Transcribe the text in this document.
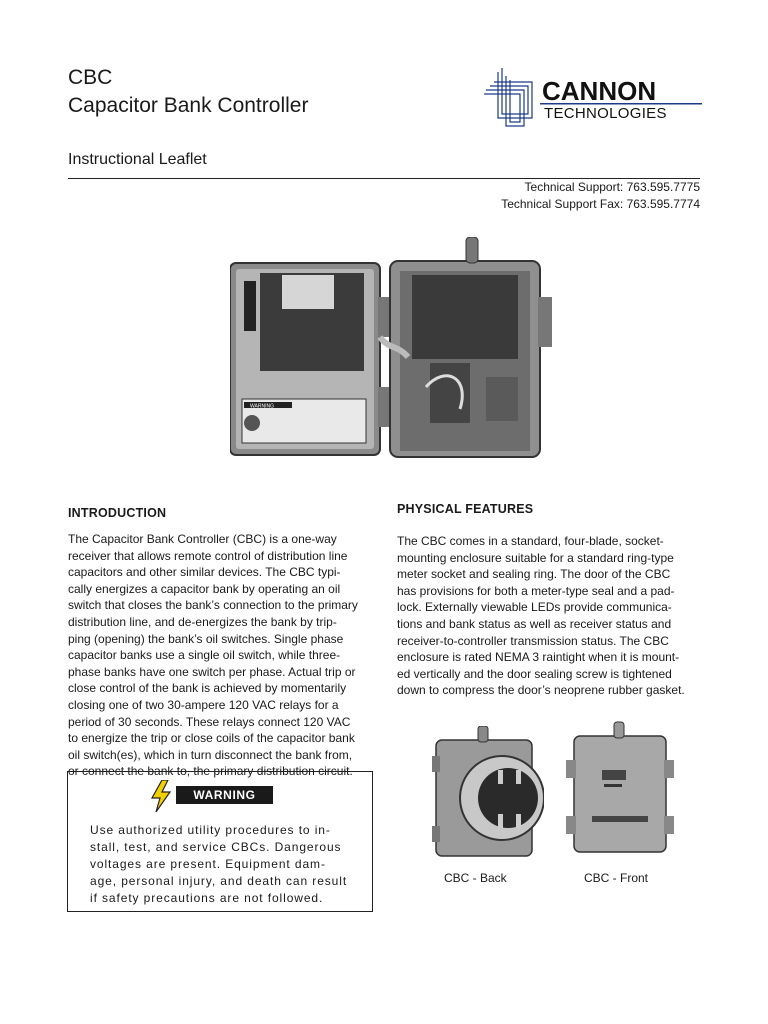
CBC
Capacitor Bank Controller	CANNON
TECHNOLOGIES
Instructional Leaflet
Technical Support: 763.595.7775
Technical Support Fax: 763.595.7774
WARNING
INTRODUCTION
The Capacitor Bank Controller (CBC) is a one-way
receiver that allows remote control of distribution line
capacitors and other similar devices. The CBC typi-
cally energizes a capacitor bank by operating an oil
switch that closes the bank’s connection to the primary
distribution line, and de-energizes the bank by trip-
ping (opening) the bank’s oil switches. Single phase
capacitor banks use a single oil switch, while three-
phase banks have one switch per phase. Actual trip or
close control of the bank is achieved by momentarily
closing one of two 30-ampere 120 VAC relays for a
period of 30 seconds. These relays connect 120 VAC
to energize the trip or close coils of the capacitor bank
oil switch(es), which in turn disconnect the bank from,
or connect the bank to, the primary distribution circuit.
PHYSICAL FEATURES
The CBC comes in a standard, four-blade, socket-
mounting enclosure suitable for a standard ring-type
meter socket and sealing ring. The door of the CBC
has provisions for both a meter-type seal and a pad-
lock. Externally viewable LEDs provide communica-
tions and bank status as well as receiver status and
receiver-to-controller transmission status. The CBC
enclosure is rated NEMA 3 raintight when it is mount-
ed vertically and the door sealing screw is tightened
down to compress the door’s neoprene rubber gasket.
WARNING
Use authorized utility procedures to in-
stall, test, and service CBCs. Dangerous
voltages are present. Equipment dam-
age, personal injury, and death can result
if safety precautions are not followed.
CBC - Back	CBC - Front
